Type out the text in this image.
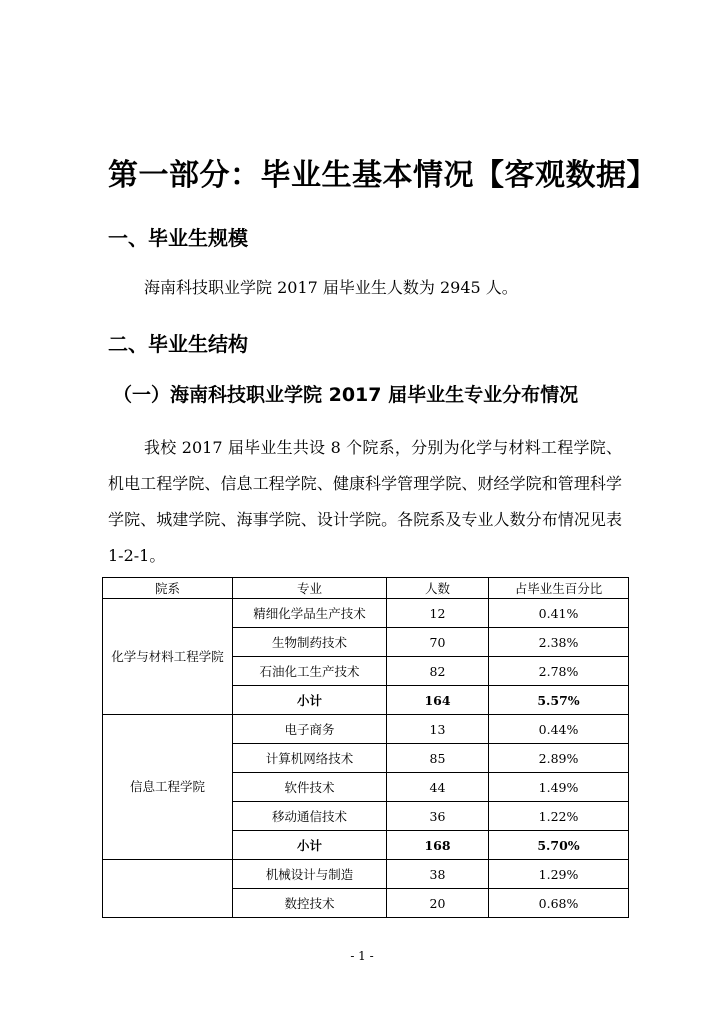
第一部分：毕业生基本情况【客观数据】
一、毕业生规模
海南科技职业学院 2017 届毕业生人数为 2945 人。
二、毕业生结构
（一）海南科技职业学院 2017 届毕业生专业分布情况
我校 2017 届毕业生共设 8 个院系，分别为化学与材料工程学院、机电工程学院、信息工程学院、健康科学管理学院、财经学院和管理科学学院、城建学院、海事学院、设计学院。各院系及专业人数分布情况见表 1-2-1。
院系	专业	人数	占毕业生百分比
化学与材料工程学院	精细化学品生产技术	12	0.41%
	生物制药技术	70	2.38%
	石油化工生产技术	82	2.78%
	小计	164	5.57%
信息工程学院	电子商务	13	0.44%
	计算机网络技术	85	2.89%
	软件技术	44	1.49%
	移动通信技术	36	1.22%
	小计	168	5.70%
	机械设计与制造	38	1.29%
	数控技术	20	0.68%
- 1 -
